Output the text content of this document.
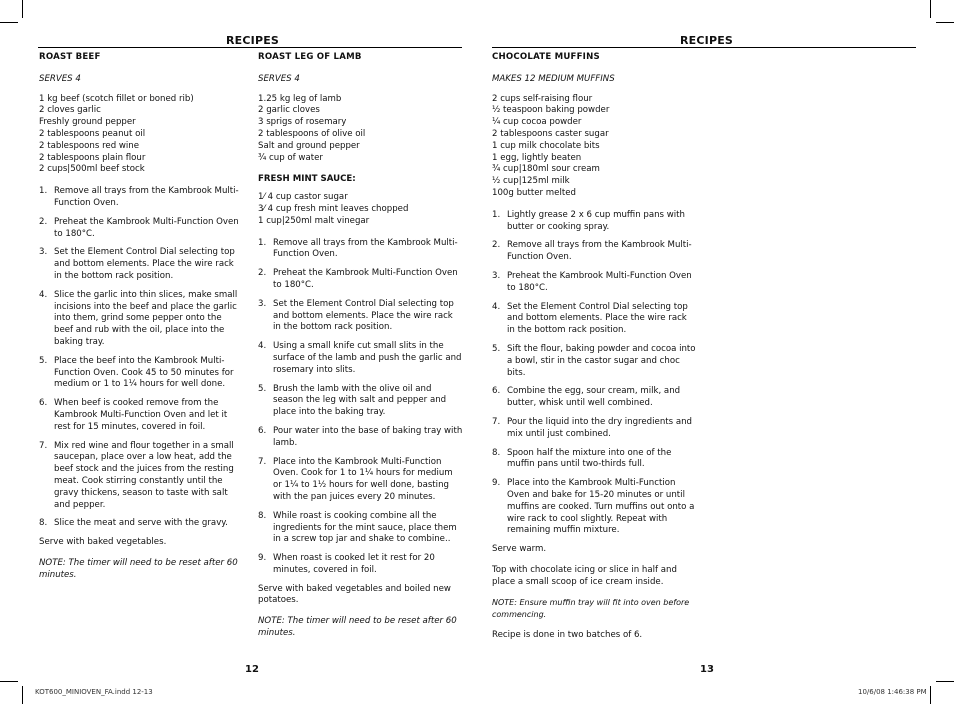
RECIPES	RECIPES
ROAST BEEF
SERVES 4
1 kg beef (scotch fillet or boned rib)
2 cloves garlic
Freshly ground pepper
2 tablespoons peanut oil
2 tablespoons red wine
2 tablespoons plain flour
2 cups|500ml beef stock
1. Remove all trays from the Kambrook Multi-Function Oven.
2. Preheat the Kambrook Multi-Function Oven to 180°C.
3. Set the Element Control Dial selecting top and bottom elements. Place the wire rack in the bottom rack position.
4. Slice the garlic into thin slices, make small incisions into the beef and place the garlic into them, grind some pepper onto the beef and rub with the oil, place into the baking tray.
5. Place the beef into the Kambrook Multi-Function Oven. Cook 45 to 50 minutes for medium or 1 to 1¼ hours for well done.
6. When beef is cooked remove from the Kambrook Multi-Function Oven and let it rest for 15 minutes, covered in foil.
7. Mix red wine and flour together in a small saucepan, place over a low heat, add the beef stock and the juices from the resting meat. Cook stirring constantly until the gravy thickens, season to taste with salt and pepper.
8. Slice the meat and serve with the gravy.
Serve with baked vegetables.
NOTE: The timer will need to be reset after 60 minutes.
ROAST LEG OF LAMB
SERVES 4
1.25 kg leg of lamb
2 garlic cloves
3 sprigs of rosemary
2 tablespoons of olive oil
Salt and ground pepper
¾ cup of water
FRESH MINT SAUCE:
1⁄ 4 cup castor sugar
3⁄ 4 cup fresh mint leaves chopped
1 cup|250ml malt vinegar
1. Remove all trays from the Kambrook Multi-Function Oven.
2. Preheat the Kambrook Multi-Function Oven to 180°C.
3. Set the Element Control Dial selecting top and bottom elements. Place the wire rack in the bottom rack position.
4. Using a small knife cut small slits in the surface of the lamb and push the garlic and rosemary into slits.
5. Brush the lamb with the olive oil and season the leg with salt and pepper and place into the baking tray.
6. Pour water into the base of baking tray with lamb.
7. Place into the Kambrook Multi-Function Oven. Cook for 1 to 1¼ hours for medium or 1¼ to 1½ hours for well done, basting with the pan juices every 20 minutes.
8. While roast is cooking combine all the ingredients for the mint sauce, place them in a screw top jar and shake to combine..
9. When roast is cooked let it rest for 20 minutes, covered in foil.
Serve with baked vegetables and boiled new potatoes.
NOTE: The timer will need to be reset after 60 minutes.
CHOCOLATE MUFFINS
MAKES 12 MEDIUM MUFFINS
2 cups self-raising flour
½ teaspoon baking powder
¼ cup cocoa powder
2 tablespoons caster sugar
1 cup milk chocolate bits
1 egg, lightly beaten
¾ cup|180ml sour cream
½ cup|125ml milk
100g butter melted
1. Lightly grease 2 x 6 cup muffin pans with butter or cooking spray.
2. Remove all trays from the Kambrook Multi-Function Oven.
3. Preheat the Kambrook Multi-Function Oven to 180°C.
4. Set the Element Control Dial selecting top and bottom elements. Place the wire rack in the bottom rack position.
5. Sift the flour, baking powder and cocoa into a bowl, stir in the castor sugar and choc bits.
6. Combine the egg, sour cream, milk, and butter, whisk until well combined.
7. Pour the liquid into the dry ingredients and mix until just combined.
8. Spoon half the mixture into one of the muffin pans until two-thirds full.
9. Place into the Kambrook Multi-Function Oven and bake for 15-20 minutes or until muffins are cooked. Turn muffins out onto a wire rack to cool slightly. Repeat with remaining muffin mixture.
Serve warm.
Top with chocolate icing or slice in half and place a small scoop of ice cream inside.
NOTE: Ensure muffin tray will fit into oven before commencing.
Recipe is done in two batches of 6.
12	13
KOT600_MINIOVEN_FA.indd 12-13	10/6/08 1:46:38 PM
